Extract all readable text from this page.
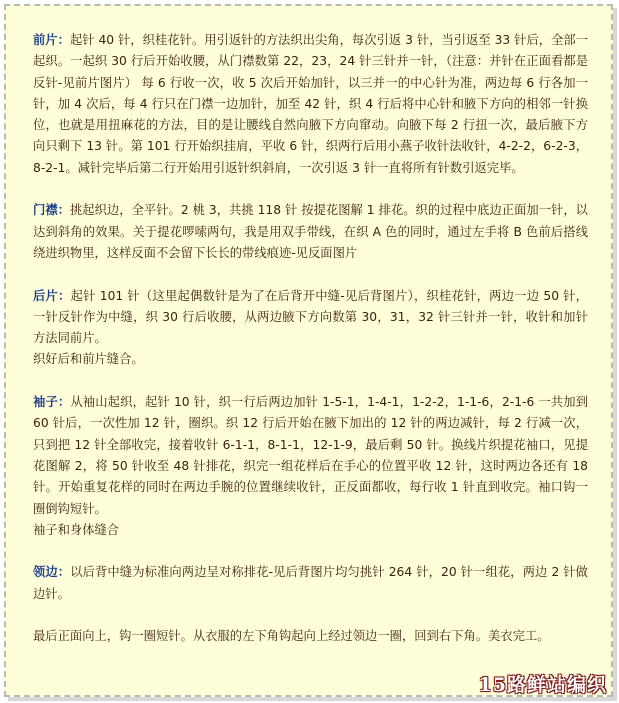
前片：起针 40 针，织桂花针。用引返针的方法织出尖角，每次引返 3 针，当引返至 33 针后，全部一起织。一起织 30 行后开始收腰，从门襟数第 22，23，24 针三针并一针，（注意：并针在正面看都是反针-见前片图片） 每 6 行收一次，收 5 次后开始加针，以三并一的中心针为准，两边每 6 行各加一针，加 4 次后，每 4 行只在门襟一边加针，加至 42 针，织 4 行后将中心针和腋下方向的相邻一针换位，也就是用扭麻花的方法，目的是让腰线自然向腋下方向窜动。向腋下每 2 行扭一次，最后腋下方向只剩下 13 针。第 101 行开始织挂肩，平收 6 针，织两行后用小燕子收针法收针，4-2-2，6-2-3， 8-2-1。减针完毕后第二行开始用引返针织斜肩，一次引返 3 针一直将所有针数引返完毕。

门襟：挑起织边，全平针。2 桃 3，共挑 118 针 按提花图解 1 排花。织的过程中底边正面加一针，以达到斜角的效果。关于提花啰嗦两句，我是用双手带线，在织 A 色的同时，通过左手将 B 色前后搭线绕进织物里，这样反面不会留下长长的带线痕迹-见反面图片

后片：起针 101 针（这里起偶数针是为了在后背开中缝-见后背图片），织桂花针，两边一边 50 针，一针反针作为中缝，织 30 行后收腰，从两边腋下方向数第 30，31，32 针三针并一针，收针和加针方法同前片。

织好后和前片缝合。

袖子：从袖山起织，起针 10 针，织一行后两边加针 1-5-1，1-4-1，1-2-2，1-1-6，2-1-6 一共加到 60 针后，一次性加 12 针，圈织。织 12 行后开始在腋下加出的 12 针的两边减针，每 2 行减一次，只到把 12 针全部收完，接着收针 6-1-1，8-1-1，12-1-9，最后剩 50 针。换线片织提花袖口，见提花图解 2，将 50 针收至 48 针排花，织完一组花样后在手心的位置平收 12 针，这时两边各还有 18 针。开始重复花样的同时在两边手腕的位置继续收针，正反面都收，每行收 1 针直到收完。袖口钩一圈倒钩短针。

袖子和身体缝合

领边：以后背中缝为标准向两边呈对称排花-见后背图片均匀挑针 264 针，20 针一组花，两边 2 针做边针。

最后正面向上，钩一圈短针。从衣服的左下角钩起向上经过领边一圈，回到右下角。美衣完工。

15路鲜站编织
